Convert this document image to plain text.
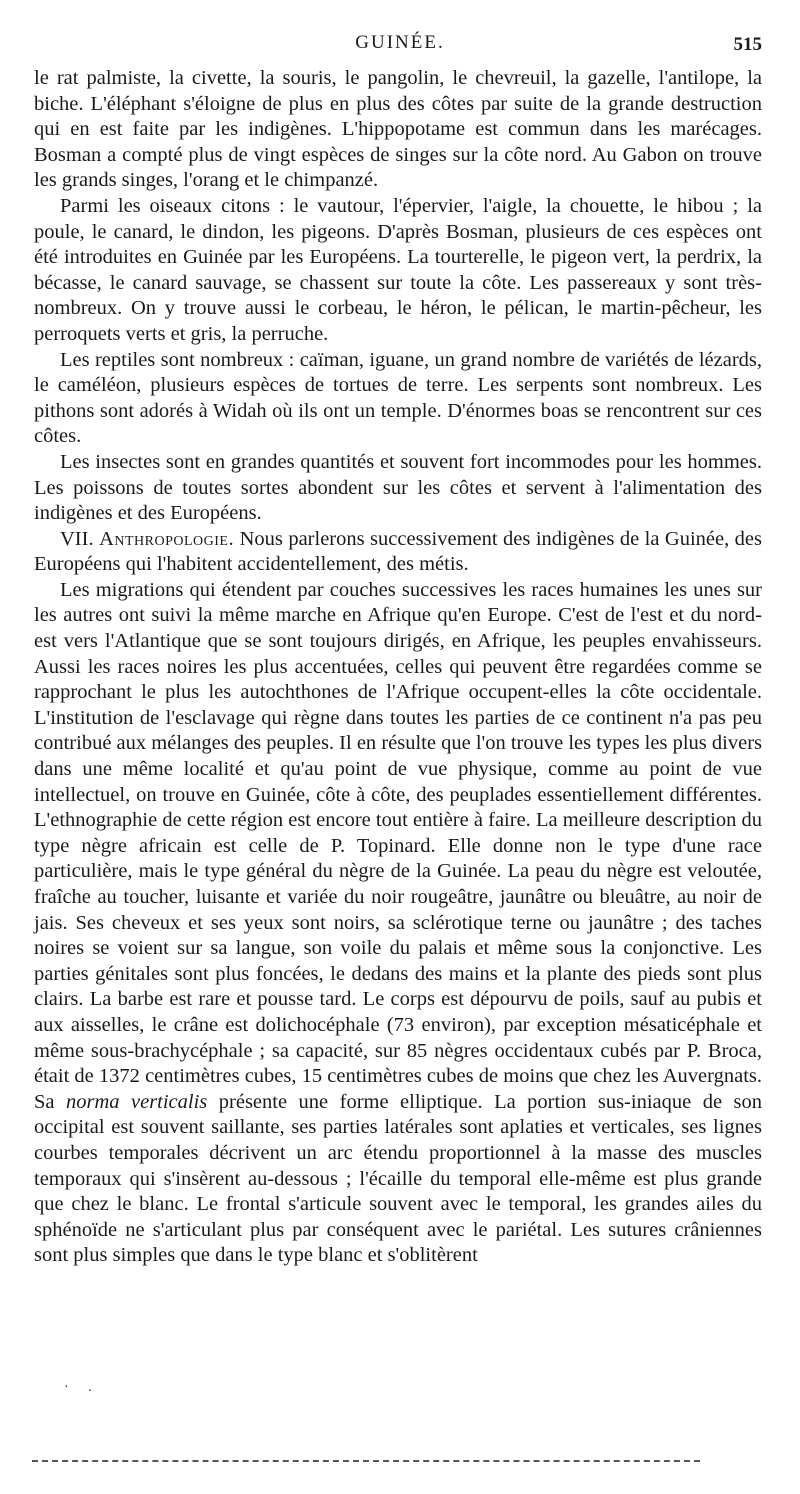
GUINÉE.	515

le rat palmiste, la civette, la souris, le pangolin, le chevreuil, la gazelle, l'antilope, la biche. L'éléphant s'éloigne de plus en plus des côtes par suite de la grande destruction qui en est faite par les indigènes. L'hippopotame est commun dans les marécages. Bosman a compté plus de vingt espèces de singes sur la côte nord. Au Gabon on trouve les grands singes, l'orang et le chimpanzé.

Parmi les oiseaux citons : le vautour, l'épervier, l'aigle, la chouette, le hibou ; la poule, le canard, le dindon, les pigeons. D'après Bosman, plusieurs de ces espèces ont été introduites en Guinée par les Européens. La tourterelle, le pigeon vert, la perdrix, la bécasse, le canard sauvage, se chassent sur toute la côte. Les passereaux y sont très-nombreux. On y trouve aussi le corbeau, le héron, le pélican, le martin-pêcheur, les perroquets verts et gris, la perruche.

Les reptiles sont nombreux : caïman, iguane, un grand nombre de variétés de lézards, le caméléon, plusieurs espèces de tortues de terre. Les serpents sont nombreux. Les pithons sont adorés à Widah où ils ont un temple. D'énormes boas se rencontrent sur ces côtes.

Les insectes sont en grandes quantités et souvent fort incommodes pour les hommes. Les poissons de toutes sortes abondent sur les côtes et servent à l'alimentation des indigènes et des Européens.

VII. Anthropologie. Nous parlerons successivement des indigènes de la Guinée, des Européens qui l'habitent accidentellement, des métis.

Les migrations qui étendent par couches successives les races humaines les unes sur les autres ont suivi la même marche en Afrique qu'en Europe. C'est de l'est et du nord-est vers l'Atlantique que se sont toujours dirigés, en Afrique, les peuples envahisseurs. Aussi les races noires les plus accentuées, celles qui peuvent être regardées comme se rapprochant le plus les autochthones de l'Afrique occupent-elles la côte occidentale. L'institution de l'esclavage qui règne dans toutes les parties de ce continent n'a pas peu contribué aux mélanges des peuples. Il en résulte que l'on trouve les types les plus divers dans une même localité et qu'au point de vue physique, comme au point de vue intellectuel, on trouve en Guinée, côte à côte, des peuplades essentiellement différentes. L'ethnographie de cette région est encore tout entière à faire. La meilleure description du type nègre africain est celle de P. Topinard. Elle donne non le type d'une race particulière, mais le type général du nègre de la Guinée. La peau du nègre est veloutée, fraîche au toucher, luisante et variée du noir rougeâtre, jaunâtre ou bleuâtre, au noir de jais. Ses cheveux et ses yeux sont noirs, sa sclérotique terne ou jaunâtre ; des taches noires se voient sur sa langue, son voile du palais et même sous la conjonctive. Les parties génitales sont plus foncées, le dedans des mains et la plante des pieds sont plus clairs. La barbe est rare et pousse tard. Le corps est dépourvu de poils, sauf au pubis et aux aisselles, le crâne est dolichocéphale (73 environ), par exception mésaticéphale et même sous-brachycéphale ; sa capacité, sur 85 nègres occidentaux cubés par P. Broca, était de 1372 centimètres cubes, 15 centimètres cubes de moins que chez les Auvergnats. Sa norma verticalis présente une forme elliptique. La portion sus-iniaque de son occipital est souvent saillante, ses parties latérales sont aplaties et verticales, ses lignes courbes temporales décrivent un arc étendu proportionnel à la masse des muscles temporaux qui s'insèrent au-dessous ; l'écaille du temporal elle-même est plus grande que chez le blanc. Le frontal s'articule souvent avec le temporal, les grandes ailes du sphénoïde ne s'articulant plus par conséquent avec le pariétal. Les sutures crâniennes sont plus simples que dans le type blanc et s'oblitèrent

· .
